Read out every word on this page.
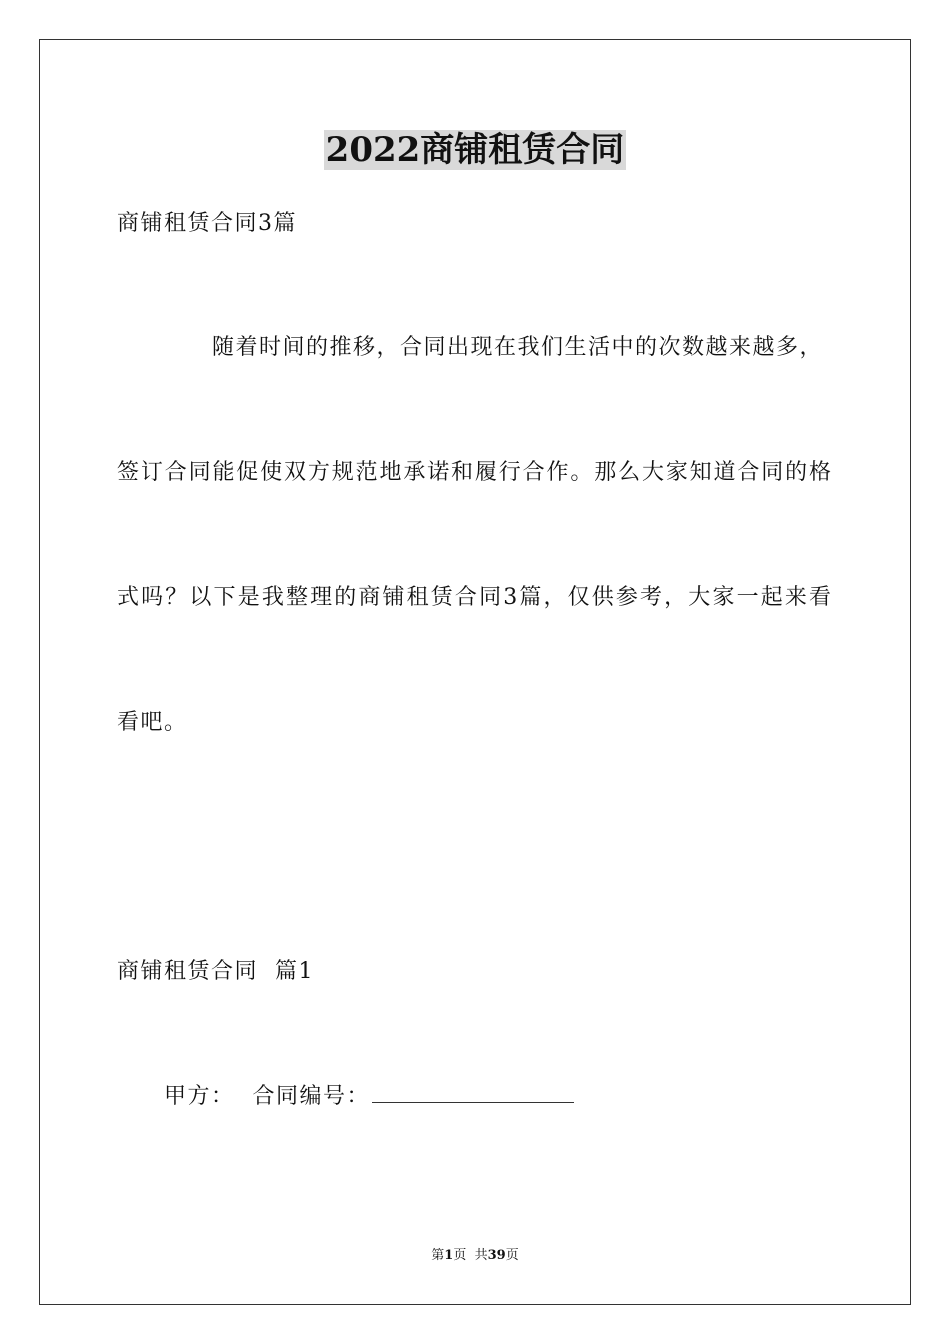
2022商铺租赁合同
商铺租赁合同3篇
随着时间的推移，合同出现在我们生活中的次数越来越多，
签订合同能促使双方规范地承诺和履行合作。那么大家知道合同的格
式吗？以下是我整理的商铺租赁合同3篇，仅供参考，大家一起来看
看吧。
商铺租赁合同  篇1
甲方： 合同编号：
第1页  共39页
